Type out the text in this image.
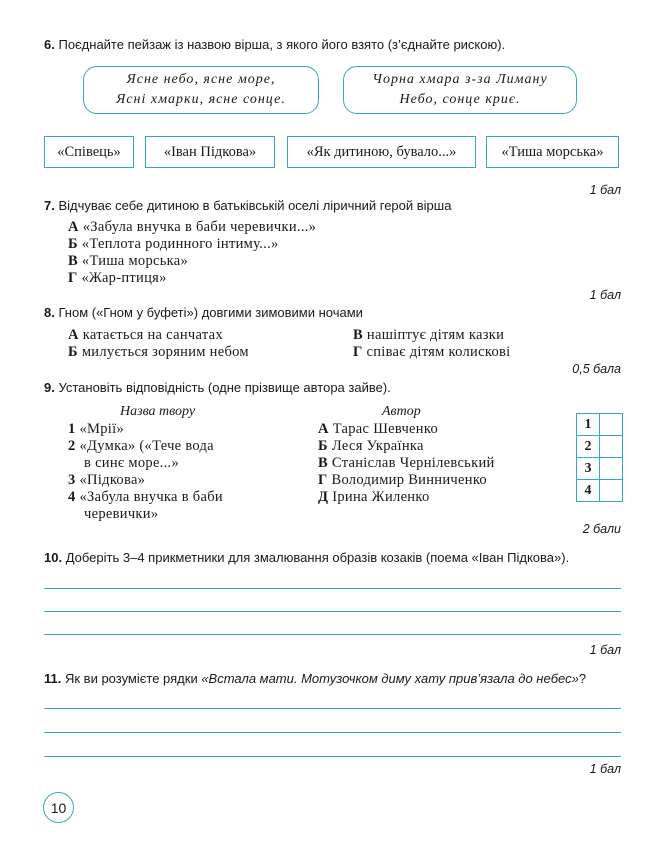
6. Поєднайте пейзаж із назвою вірша, з якого його взято (з’єднайте рискою).
Ясне небо, ясне море,
Ясні хмарки, ясне сонце.
Чорна хмара з-за Лиману
Небо, сонце криє.
«Співець»	«Іван Підкова»	«Як дитиною, бувало...»	«Тиша морська»
1 бал
7. Відчуває себе дитиною в батьківській оселі ліричний герой вірша
А «Забула внучка в баби черевички...»
Б «Теплота родинного інтиму...»
В «Тиша морська»
Г «Жар-птиця»
1 бал
8. Гном («Гном у буфеті») довгими зимовими ночами
А катається на санчатах
Б милується зоряним небом
В нашіптує дітям казки
Г співає дітям колискові
0,5 бала
9. Установіть відповідність (одне прізвище автора зайве).
Назва твору	Автор
1 «Мрії»
2 «Думка» («Тече вода
в синє море...»
3 «Підкова»
4 «Забула внучка в баби
черевички»
А Тарас Шевченко
Б Леся Українка
В Станіслав Чернілевський
Г Володимир Винниченко
Д Ірина Жиленко
1	
2	
3	
4	
2 бали
10. Доберіть 3–4 прикметники для змалювання образів козаків (поема «Іван Підкова»).
1 бал
11. Як ви розумієте рядки «Встала мати. Мотузочком диму хату прив’язала до небес»?
1 бал
10
